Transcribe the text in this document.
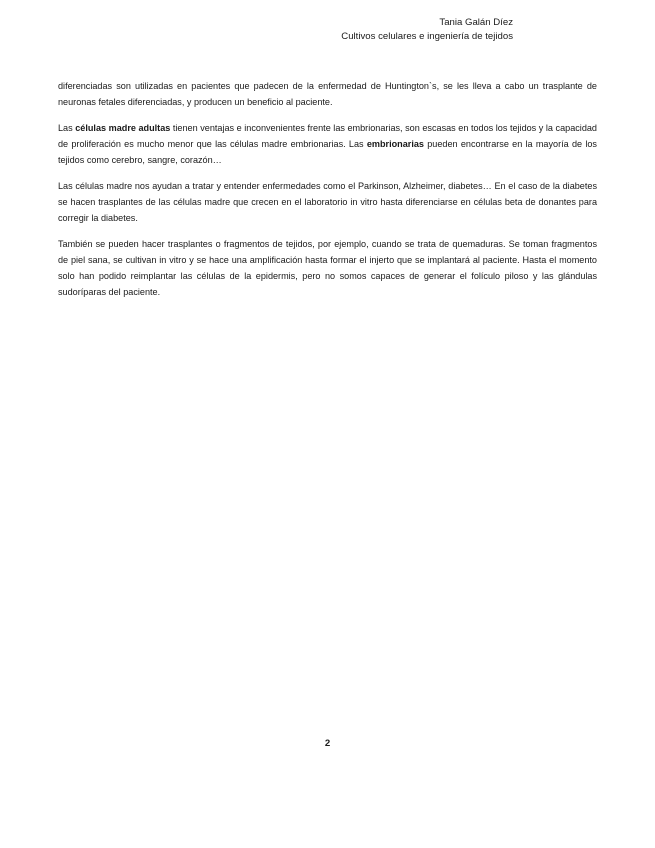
Tania Galán Díez
Cultivos celulares e ingeniería de tejidos

diferenciadas son utilizadas en pacientes que padecen de la enfermedad de Huntington`s, se les lleva a cabo un trasplante de neuronas fetales diferenciadas, y producen un beneficio al paciente.

Las células madre adultas tienen ventajas e inconvenientes frente las embrionarias, son escasas en todos los tejidos y la capacidad de proliferación es mucho menor que las células madre embrionarias. Las embrionarias pueden encontrarse en la mayoría de los tejidos como cerebro, sangre, corazón…

Las células madre nos ayudan a tratar y entender enfermedades como el Parkinson, Alzheimer, diabetes… En el caso de la diabetes se hacen trasplantes de las células madre que crecen en el laboratorio in vitro hasta diferenciarse en células beta de donantes para corregir la diabetes.

También se pueden hacer trasplantes o fragmentos de tejidos, por ejemplo, cuando se trata de quemaduras. Se toman fragmentos de piel sana, se cultivan in vitro y se hace una amplificación hasta formar el injerto que se implantará al paciente. Hasta el momento solo han podido reimplantar las células de la epidermis, pero no somos capaces de generar el folículo piloso y las glándulas sudoríparas del paciente.

2
